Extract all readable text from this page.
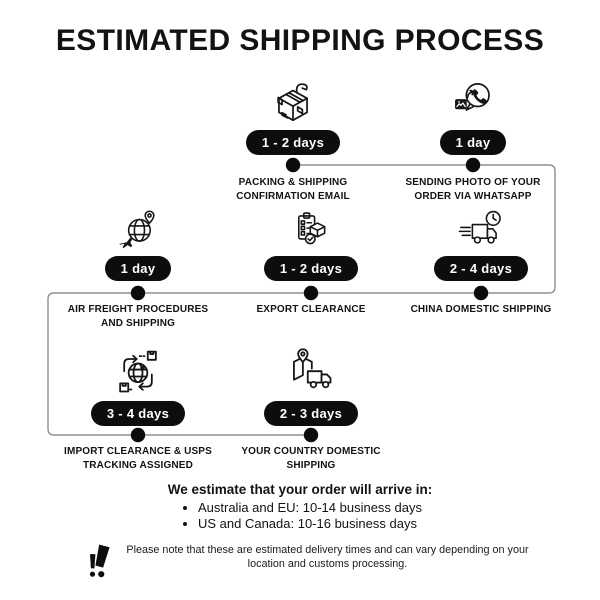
ESTIMATED SHIPPING PROCESS
1 - 2 days
PACKING & SHIPPING CONFIRMATION EMAIL
1 day
SENDING PHOTO OF YOUR ORDER VIA WHATSAPP
1 day
AIR FREIGHT PROCEDURES AND SHIPPING
1 - 2 days
EXPORT CLEARANCE
2 - 4 days
CHINA DOMESTIC SHIPPING
3 - 4 days
IMPORT CLEARANCE & USPS TRACKING ASSIGNED
2 - 3 days
YOUR COUNTRY DOMESTIC SHIPPING
We estimate that your order will arrive in:
• Australia and EU: 10-14 business days
• US and Canada: 10-16 business days
Please note that these are estimated delivery times and can vary depending on your location and customs processing.
